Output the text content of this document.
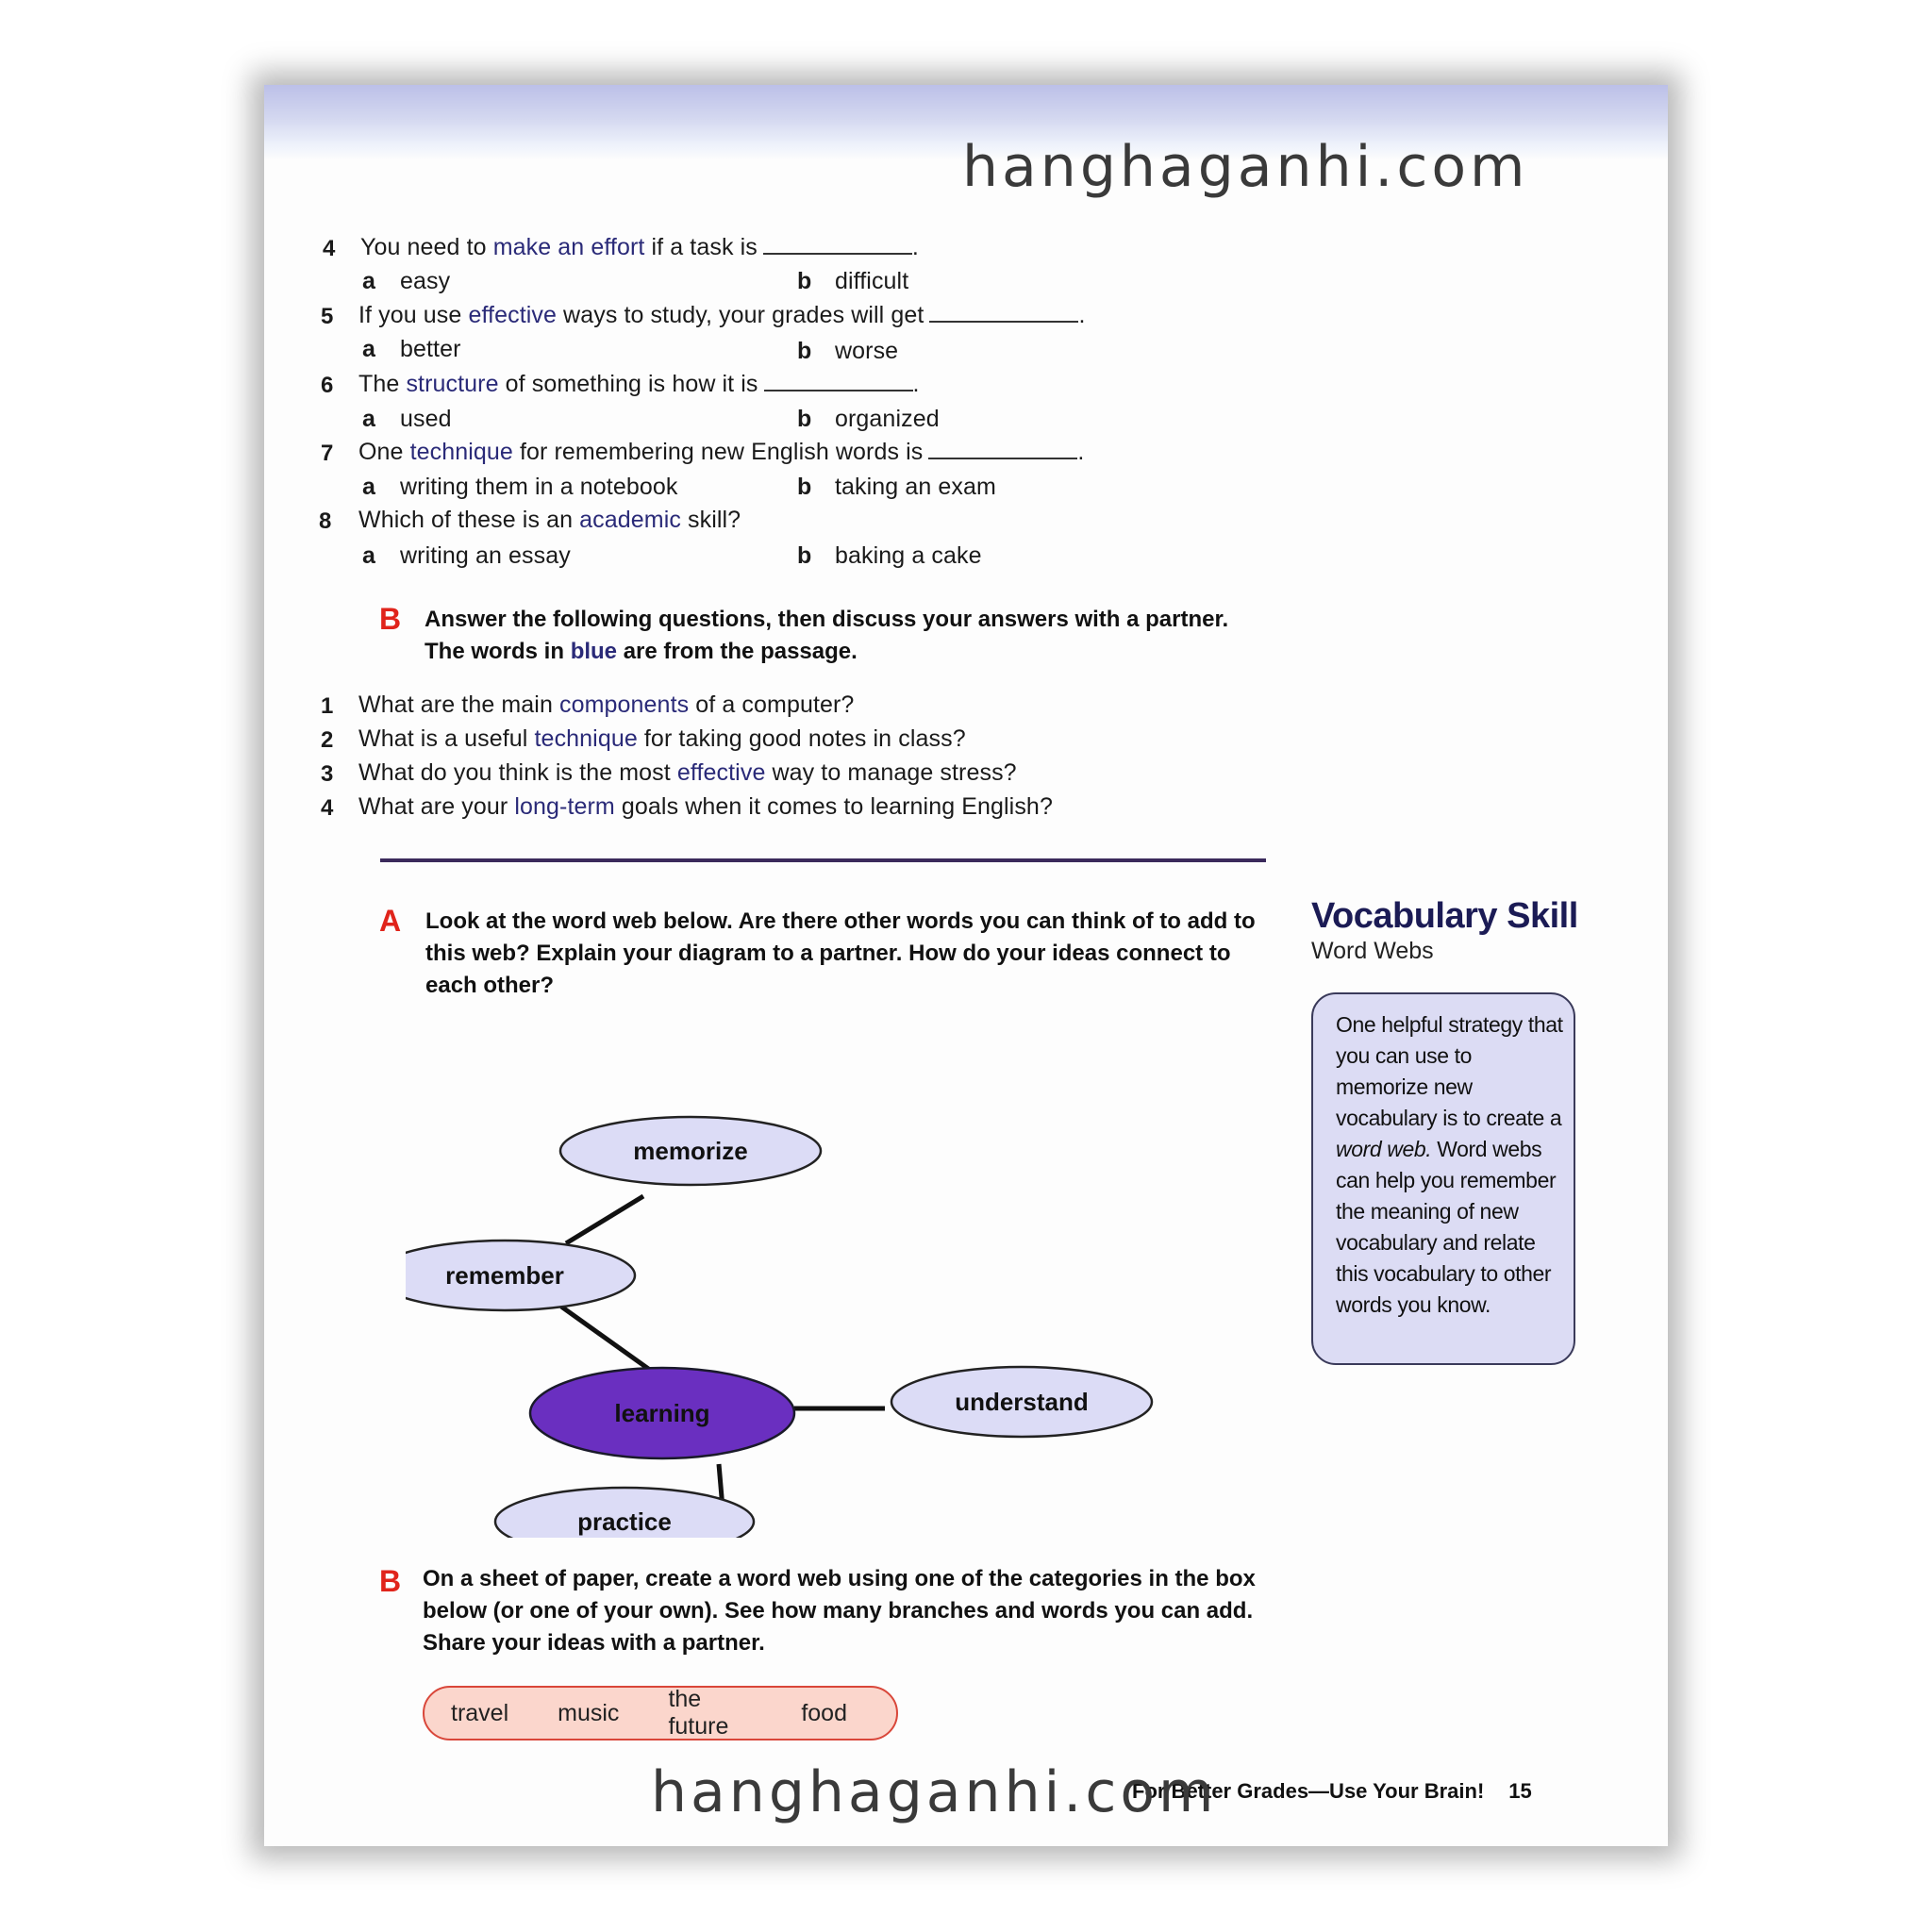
4 You need to make an effort if a task is	.
a easy	b difficult
5 If you use effective ways to study, your grades will get	.
a better	b worse
6 The structure of something is how it is	.
a used	b organized
7 One technique for remembering new English words is	.
a writing them in a notebook	b taking an exam
8 Which of these is an academic skill?
a writing an essay	b baking a cake
B Answer the following questions, then discuss your answers with a partner. The words in blue are from the passage.
1 What are the main components of a computer?
2 What is a useful technique for taking good notes in class?
3 What do you think is the most effective way to manage stress?
4 What are your long-term goals when it comes to learning English?
A Look at the word web below. Are there other words you can think of to add to this web? Explain your diagram to a partner. How do your ideas connect to each other?
memorize
remember
learning	understand
practice
Vocabulary Skill
Word Webs

One helpful strategy that you can use to memorize new vocabulary is to create a word web. Word webs can help you remember the meaning of new vocabulary and relate this vocabulary to other words you know.

B On a sheet of paper, create a word web using one of the categories in the box below (or one of your own). See how many branches and words you can add. Share your ideas with a partner.
travel music
the future
food
For Better Grades—Use Your Brain! 15
hanghaganhi.com
hanghaganhi.com
